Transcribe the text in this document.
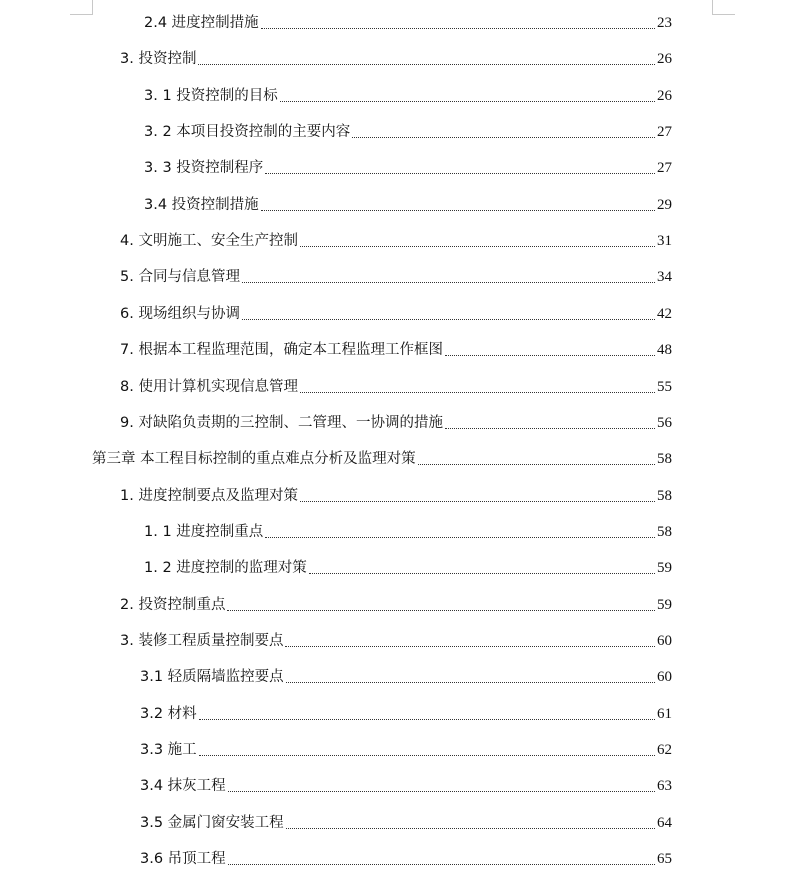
2.4 进度控制措施	23
3. 投资控制	26
3. 1 投资控制的目标	26
3. 2 本项目投资控制的主要内容	27
3. 3 投资控制程序	27
3.4 投资控制措施	29
4. 文明施工、安全生产控制	31
5. 合同与信息管理	34
6. 现场组织与协调	42
7. 根据本工程监理范围，确定本工程监理工作框图	48
8. 使用计算机实现信息管理	55
9. 对缺陷负责期的三控制、二管理、一协调的措施	56
第三章 本工程目标控制的重点难点分析及监理对策	58
1. 进度控制要点及监理对策	58
1. 1 进度控制重点	58
1. 2 进度控制的监理对策	59
2. 投资控制重点	59
3. 装修工程质量控制要点	60
3.1 轻质隔墙监控要点	60
3.2 材料	61
3.3 施工	62
3.4 抹灰工程	63
3.5 金属门窗安装工程	64
3.6 吊顶工程	65
